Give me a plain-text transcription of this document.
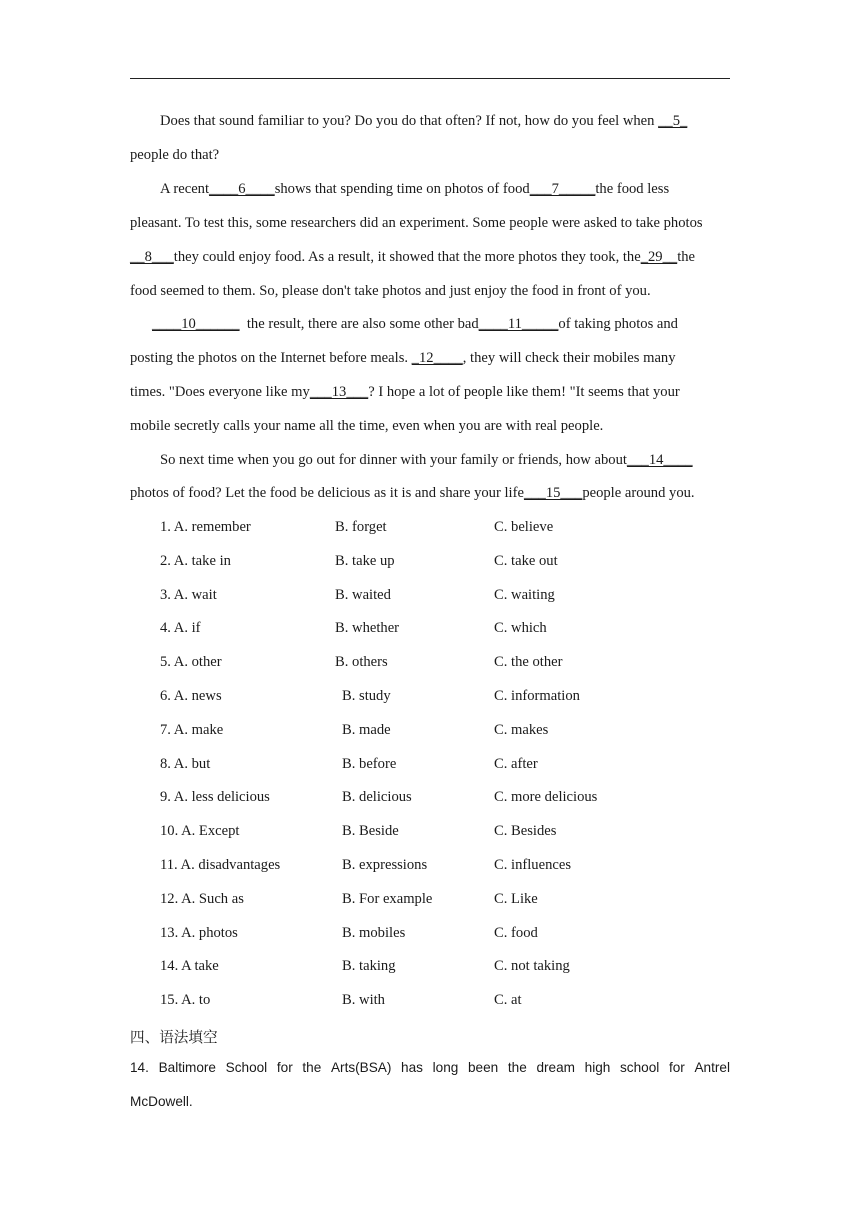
Does that sound familiar to you? Do you do that often? If not, how do you feel when __5_
people do that?
A recent____6____shows that spending time on photos of food___7_____the food less
pleasant. To test this, some researchers did an experiment. Some people were asked to take photos
__8___they could enjoy food. As a result, it showed that the more photos they took, the_29__the
food seemed to them. So, please don't take photos and just enjoy the food in front of you.
____10______  the result, there are also some other bad____11_____of taking photos and
posting the photos on the Internet before meals. _12____, they will check their mobiles many
times. "Does everyone like my___13___? I hope a lot of people like them! "It seems that your
mobile secretly calls your name all the time, even when you are with real people.
So next time when you go out for dinner with your family or friends, how about___14____
photos of food? Let the food be delicious as it is and share your life___15___people around you.
1. A. remember	B. forget	C. believe
2. A. take in	B. take up	C. take out
3. A. wait	B. waited	C. waiting
4. A. if	B. whether	C. which
5. A. other	B. others	C. the other
6. A. news	B. study	C. information
7. A. make	B. made	C. makes
8. A. but	B. before	C. after
9. A. less delicious	B. delicious	C. more delicious
10. A. Except	B. Beside	C. Besides
11. A. disadvantages	B. expressions	C. influences
12. A. Such as	B. For example	C. Like
13. A. photos	B. mobiles	C. food
14. A take	B. taking	C. not taking
15. A. to	B. with	C. at
四、语法填空
14. Baltimore School for the Arts(BSA) has long been the dream high school for Antrel
McDowell.
